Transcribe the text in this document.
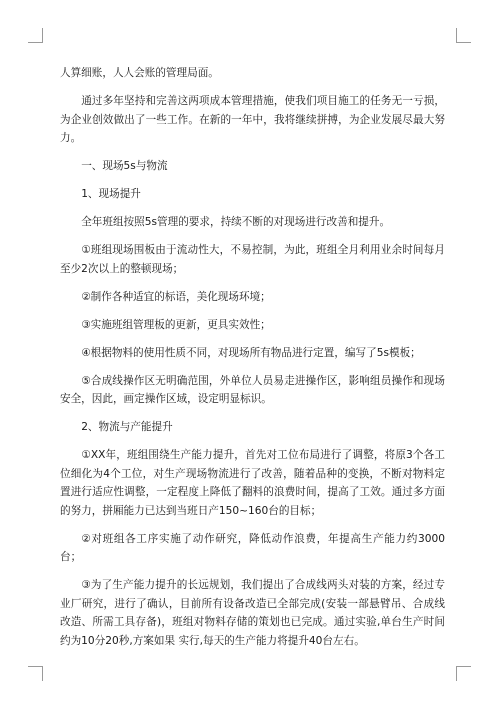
人算细账，人人会账的管理局面。

通过多年坚持和完善这两项成本管理措施，使我们项目施工的任务无一亏损，为企业创效做出了一些工作。在新的一年中，我将继续拼搏，为企业发展尽最大努力。

一、现场5s与物流

1、现场提升

全年班组按照5s管理的要求，持续不断的对现场进行改善和提升。

①班组现场围板由于流动性大，不易控制，为此，班组全月利用业余时间每月至少2次以上的整顿现场；

②制作各种适宜的标语，美化现场环境；

③实施班组管理板的更新，更具实效性；

④根据物料的使用性质不同，对现场所有物品进行定置，编写了5s模板；

⑤合成线操作区无明确范围，外单位人员易走进操作区，影响组员操作和现场安全，因此，画定操作区域，设定明显标识。

2、物流与产能提升

①XX年，班组围绕生产能力提升，首先对工位布局进行了调整，将原3个各工位细化为4个工位，对生产现场物流进行了改善，随着品种的变换，不断对物料定置进行适应性调整，一定程度上降低了翻料的浪费时间，提高了工效。通过多方面的努力，拼厢能力已达到当班日产150~160台的目标；

②对班组各工序实施了动作研究，降低动作浪费，年提高生产能力约3000台；

③为了生产能力提升的长远规划，我们提出了合成线两头对装的方案，经过专业厂研究，进行了确认，目前所有设备改造已全部完成(安装一部悬臂吊、合成线改造、所需工具存备)，班组对物料存储的策划也已完成。通过实验,单台生产时间约为10分20秒,方案如果 实行,每天的生产能力将提升40台左右。
